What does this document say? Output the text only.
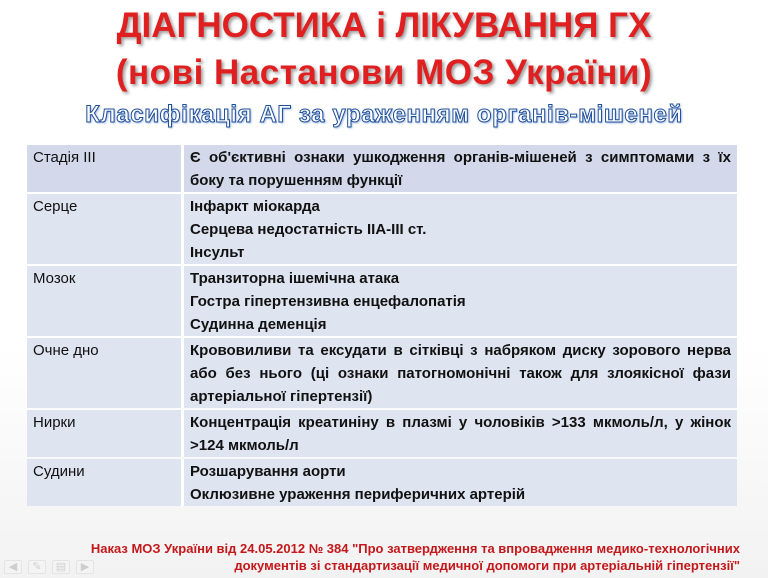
ДІАГНОСТИКА і ЛІКУВАННЯ ГХ
(нові Настанови МОЗ України)
Класифікація АГ за ураженням органів-мішеней
Стадія ІІІ	Є об'єктивні ознаки ушкодження органів-мішеней з симптомами з їх боку та порушенням функції

Серце	Інфаркт міокарда
Серцева недостатність IIA-III ст.
Інсульт

Мозок	Транзиторна ішемічна атака
Гостра гіпертензивна енцефалопатія
Судинна деменція

Очне дно	Крововиливи та ексудати в сітківці з набряком диску зорового нерва або без нього (ці ознаки патогномонічні також для злоякісної фази артеріальної гіпертензії)

Нирки	Концентрація креатиніну в плазмі у чоловіків >133 мкмоль/л, у жінок >124 мкмоль/л

Судини	Розшарування аорти
Оклюзивне ураження периферичних артерій
Наказ МОЗ України від 24.05.2012 № 384 "Про затвердження та впровадження медико-технологічних
документів зі стандартизації медичної допомоги при артеріальній гіпертензії"
◀	✎	▤	▶
